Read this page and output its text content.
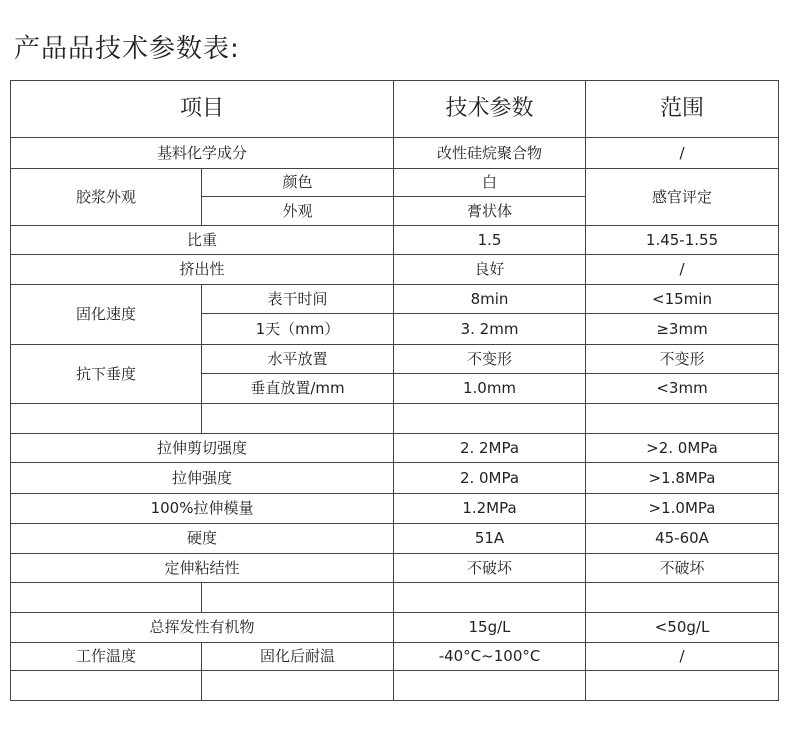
产品品技术参数表:
项目		技术参数	范围
基料化学成分		改性硅烷聚合物	/
胶浆外观	颜色	白	感官评定
	外观	膏状体	
比重		1.5	1.45-1.55
挤出性		良好	/
固化速度	表干时间	8min	<15min
	1天（mm）	3. 2mm	≥3mm
抗下垂度	水平放置	不变形	不变形
	垂直放置/mm	1.0mm	<3mm

拉伸剪切强度		2. 2MPa	>2. 0MPa
拉伸强度		2. 0MPa	>1.8MPa
100%拉伸模量		1.2MPa	>1.0MPa
硬度		51A	45-60A
定伸粘结性		不破坏	不破坏

总挥发性有机物		15g/L	<50g/L
工作温度	固化后耐温	-40°C~100°C	/
